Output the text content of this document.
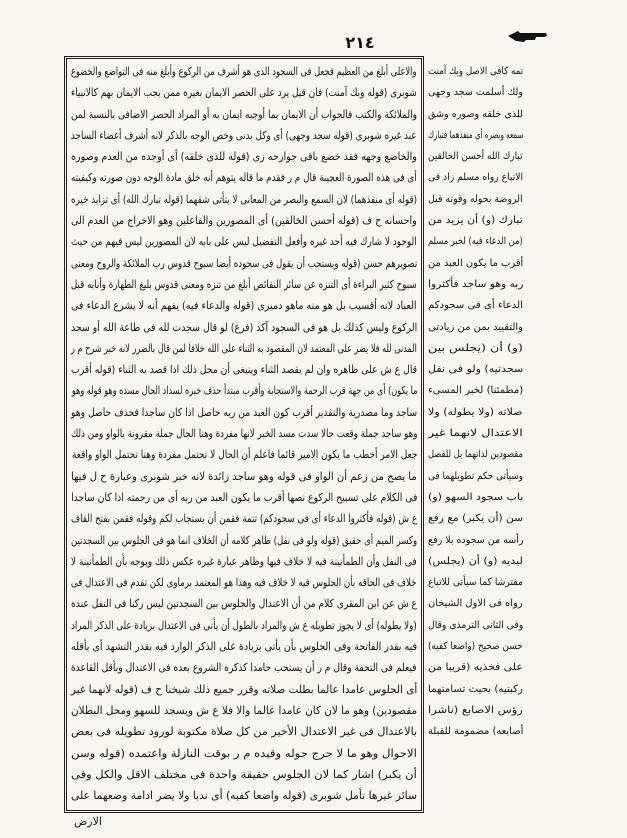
٢١٤
والاعلى أبلغ من العظيم فجعل فى السجود الذى هو أشرف من الركوع وأبلغ منه فى التواضع والخضوع
شوبرى (قوله وبك آمنت) فان قيل يرد على الحصر الايمان بغيره ممن يجب الايمان بهم كالانبياء
والملائكة والكتب فالجواب أن الايمان بما أوجبه ايمان به أو المراد الحصر الاضافى بالنسبة لمن
عبد غيره شوبرى (قوله سجد وجهى) أى وكل بدنى وخص الوجه بالذكر لانه أشرف أعضاء الساجد
والخاضع وجهه فقد خضع باقى جوارحه زى (قوله للذى خلقه) أى أوجده من العدم وصوره
أى فى هذه الصورة العجيبة قال م ر فقدم ما قاله يتوهم أنه خلق مادة الوجه دون صورته وكيفيته
(قوله أى منفذهما) لان السمع والبصر من المعانى لا يتأتى شقهما (قوله تبارك الله) أى تزايد خيره
واحسانه ح ف (قوله أحسن الخالقين) أى المصورين والفاعلين وهو الاخراج من العدم الى
الوجود لا شارك فيه أحد غيره وأفعل التفضيل ليس على بابه لان المصورين ليس فيهم من حيث
تصويرهم حسن (قوله ويستحب أن يقول فى سجوده أيضا سبوح قدوس رب الملائكة والروح ومعنى
سبوح كثير البراءة أى التنزه عن سائر النقائص أبلغ من تنزه ومعنى قدوس بليغ الطهارة وأنابه قبل
العباد لانه أقسيب بل هو منه ماهو دميرى (قوله والدعاء فيه) يفهم أنه لا يشرع الدعاء فى
الركوع وليس كذلك بل هو فى السجود آكد (فرع) لو قال سجدت لله فى طاعة الله أو سجد
المدنى لله فلا يضر على المعتمد لان المقصود به الثناء على الله خلافا لمن قال بالضرر لانه خبر شرح م ر
قال ع ش على ظاهره وان لم يقصد الثناء وينبغى أن محل ذلك اذا قصد به الثناء (قوله أقرب
ما يكون) أى من جهة قرب الرحمة والاستجابة وأقرب مبتدأ حذف خبره لسداد الحال مسده وهو قوله وهو
ساجد وما مصدرية والتقدير أقرب كون العبد من ربه حاصل اذا كان ساجدا فحذف حاصل وهو
وهو ساجد جملة وقعت حالا سدت مسد الخبر لانها مفردة وهنا الحال جملة مقرونة بالواو ومن ذلك
جعل الامر أخطب ما يكون الامير قائما فاعلم أن الحال لا تحتمل مفردة وهنا تحتمل الواو واقعة
ما يصح من زعم أن الواو فى قوله وهو ساجد زائدة لانه خبر شوبرى وعبارة ح ل فيها
فى الكلام على تسبيح الركوع نصها أقرب ما يكون العبد من ربه أى من رحمته اذا كان ساجدا
ع ش (قوله فأكثروا الدعاء أى فى سجودكم) تتمة فقمن أن يستجاب لكم وقوله فقمن بفتح القاف
وكسر الميم أى حقيق (قوله ولو فى نفل) ظاهر كلامه أن الخلاف انما هو فى الجلوس بين السجدتين
فى النفل وأن الطمأنينة فيه لا خلاف فيها وظاهر عبارة غيره عكس ذلك ويوجه بأن الطمأنينة لا
خلاف فى الحاقه بأن الجلوس فيه لا خلاف فيه وهذا هو المعتمد برماوى لكن تقدم فى الاعتدال فى
ع ش عن ابن المقرى كلام من أن الاعتدال والجلوس بين السجدتين ليس ركنا فى النفل عنده
(ولا يطوله) أى لا يجوز تطويله ع ش والمراد بالطول أن يأتى فى الاعتدال بزيادة على الذكر المراد
فيه بقدر الفاتحة وفى الجلوس بأن يأتى بزيادة على الذكر الوارد فيه بقدر التشهد أى بأقله
فيعلم فى التحفة وقال م ر أن يستحب حامدا كذكره الشروع بعده فى الاعتدال وبأقل القاعدة
أى الجلوس عامدا عالما بطلت صلاته وقرر جميع ذلك شيخنا ح ف (قوله لانهما غير
مقصودين) وهو ما لان كان عامدا عالما والا فلا ع ش ويسجد للسهو ومحل البطلان
بالاعتدال فى غير الاعتدال الأخير من كل صلاة مكتوبة لورود تطويله فى بعض
الاحوال وهو ما لا حرج حوله وقيده م ر بوقت النازلة واعتمده (قوله وسن
أن يكبر) اشار كما لان الجلوس حقيقة واحدة فى مختلف الاقل والكل وفى
سائر غيرها تأمل شوبرى (قوله واضعا كفيه) أى ندبا ولا يضر ادامة وضعهما على
تمه كافى الاصل وبك آمنت
ولك أسلمت سجد وجهى
للذى خلقه وصوره وشق
سمعه وبصره أى منفذهما فتبارك
تبارك الله أحسن الخالقين
الاتباع رواه مسلم زاد فى
الروضة بحوله وقوته قبل
تبارك (و) أن يزيد من
(من الدعاء فيه) لخبر مسلم
أقرب ما يكون العبد من
ربه وهو ساجد فأكثروا
الدعاء أى فى سجودكم
والتقييد بمن من زيادتى
(و) أن (يجلس بين
سجدتيه) ولو فى نفل
(مطمئنا) لخبر المسىء
صلاته (ولا يطوله) ولا
الاعتدال لانهما غير
مقصودين لذاتهما بل للفصل
وسيأتى حكم تطويلهما فى
باب سجود السهو (و)
سن (أن يكبر) مع رفع
رأسه من سجوده بلا رفع
ليديه (و) أن (يجلس)
مفترشا كما سيأتى للاتباع
رواه فى الاول الشيخان
وفى الثانى الترمذى وقال
حسن صحيح (واضعا كفيه)
على فخذيه (قريبا من
ركبتيه) بحيث تسامتهما
رؤس الاصابع (ناشرا
أصابعه) مضمومة للقبلة
الارض
